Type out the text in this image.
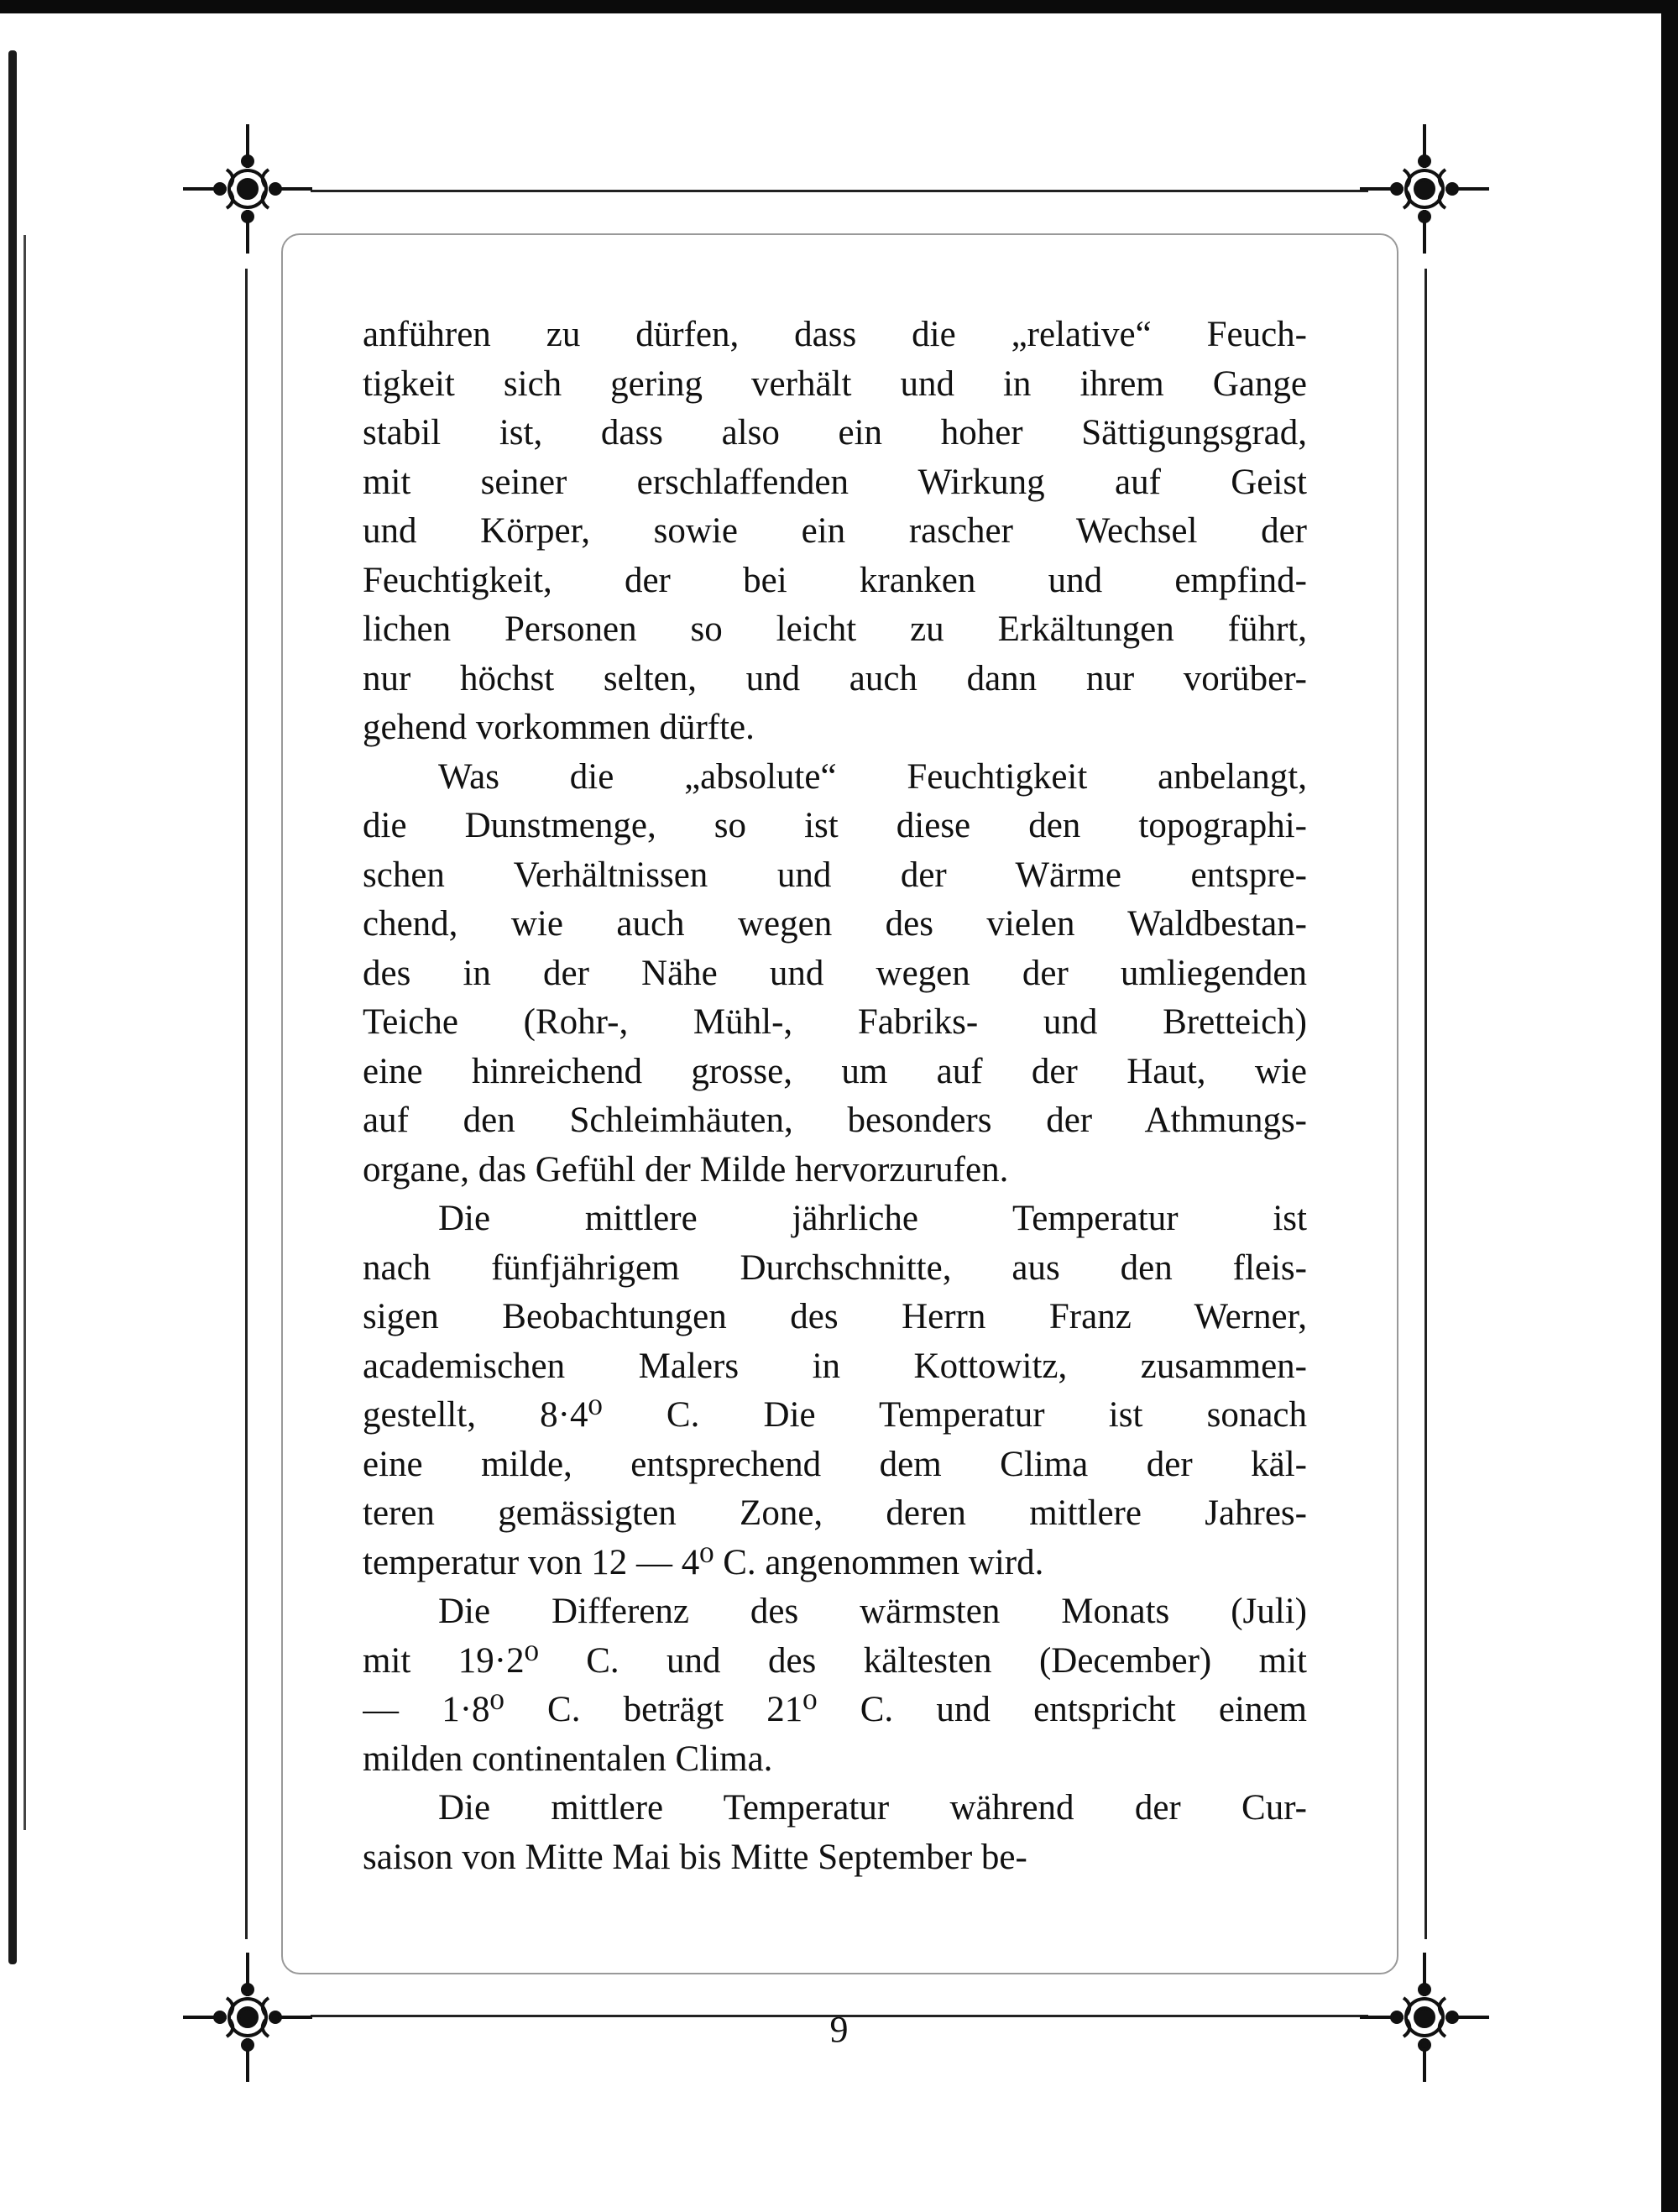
anführen zu dürfen, dass die „relative“ Feuch-
tigkeit sich gering verhält und in ihrem Gange
stabil ist, dass also ein hoher Sättigungsgrad,
mit seiner erschlaffenden Wirkung auf Geist
und Körper, sowie ein rascher Wechsel der
Feuchtigkeit, der bei kranken und empfind-
lichen Personen so leicht zu Erkältungen führt,
nur höchst selten, und auch dann nur vorüber-
gehend vorkommen dürfte.
Was die „absolute“ Feuchtigkeit anbelangt,
die Dunstmenge, so ist diese den topographi-
schen Verhältnissen und der Wärme entspre-
chend, wie auch wegen des vielen Waldbestan-
des in der Nähe und wegen der umliegenden
Teiche (Rohr-, Mühl-, Fabriks- und Bretteich)
eine hinreichend grosse, um auf der Haut, wie
auf den Schleimhäuten, besonders der Athmungs-
organe, das Gefühl der Milde hervorzurufen.
Die mittlere jährliche Temperatur ist
nach fünfjährigem Durchschnitte, aus den fleis-
sigen Beobachtungen des Herrn Franz Werner,
academischen Malers in Kottowitz, zusammen-
gestellt, 8·4⁰ C. Die Temperatur ist sonach
eine milde, entsprechend dem Clima der käl-
teren gemässigten Zone, deren mittlere Jahres-
temperatur von 12 — 4⁰ C. angenommen wird.
Die Differenz des wärmsten Monats (Juli)
mit 19·2⁰ C. und des kältesten (December) mit
— 1·8⁰ C. beträgt 21⁰ C. und entspricht einem
milden continentalen Clima.
Die mittlere Temperatur während der Cur-
saison von Mitte Mai bis Mitte September be-
9
